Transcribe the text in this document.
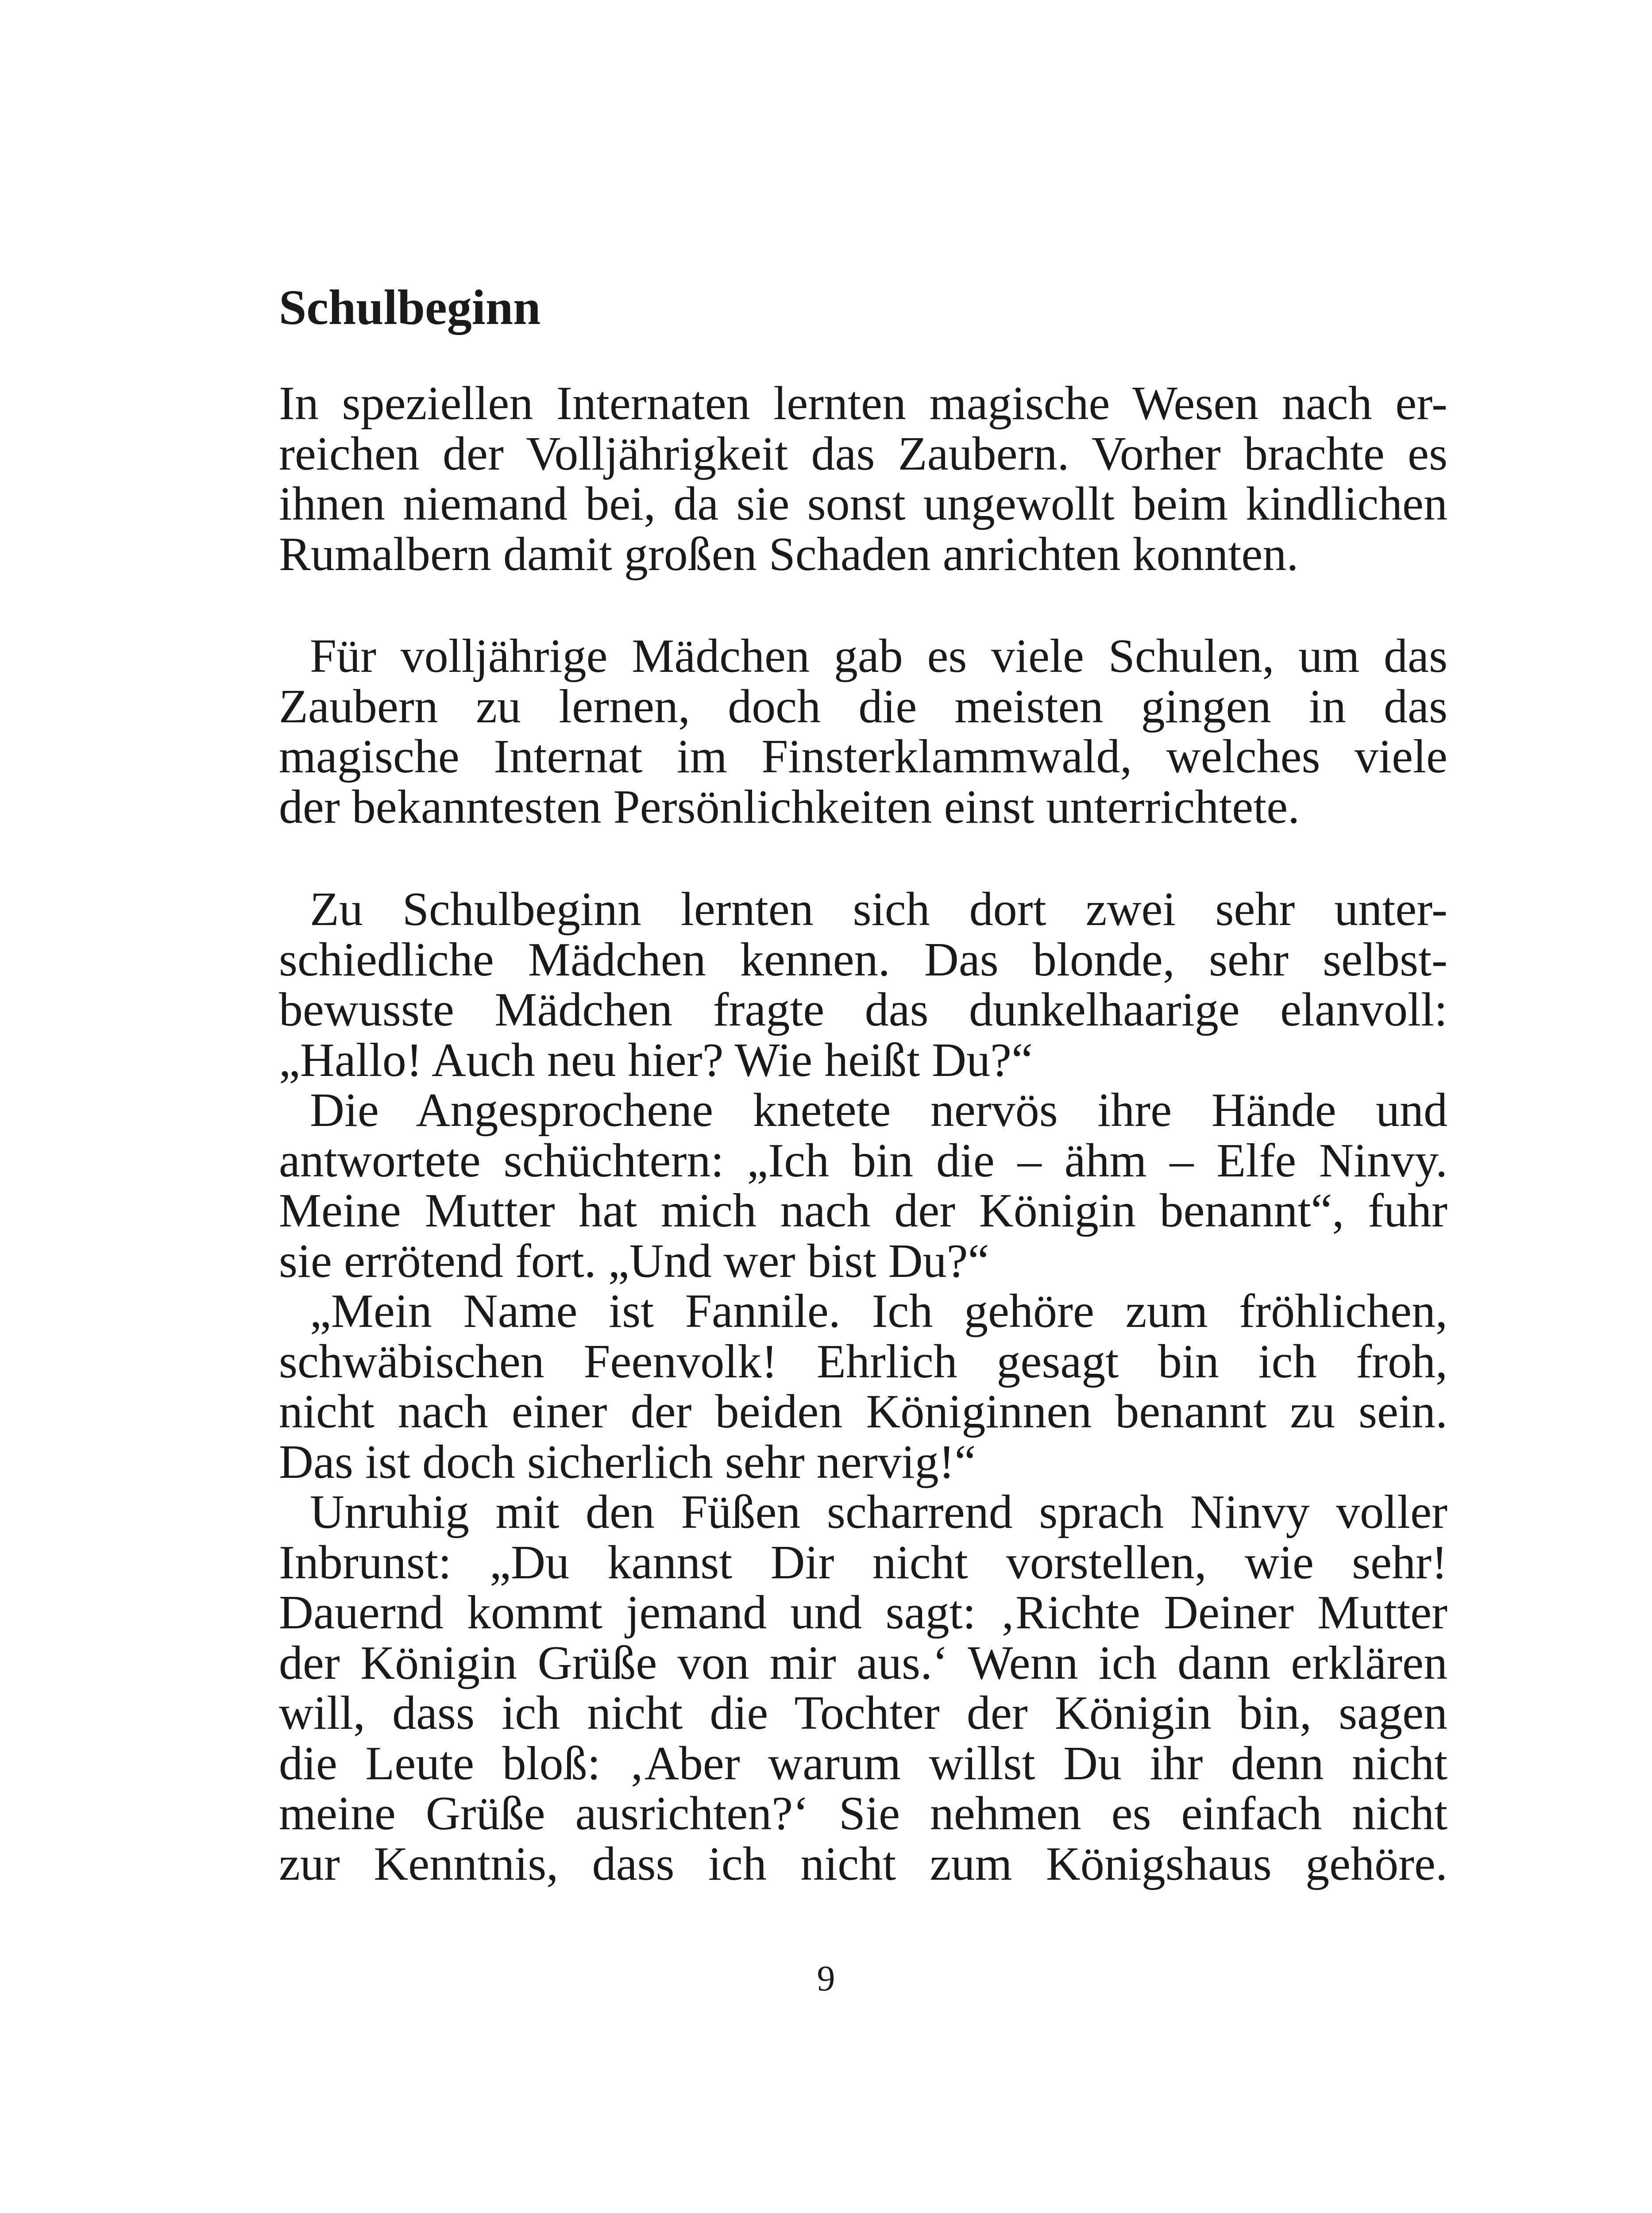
Schulbeginn

In speziellen Internaten lernten magische Wesen nach er-
reichen der Volljährigkeit das Zaubern. Vorher brachte es
ihnen niemand bei, da sie sonst ungewollt beim kindlichen
Rumalbern damit großen Schaden anrichten konnten.

Für volljährige Mädchen gab es viele Schulen, um das
Zaubern zu lernen, doch die meisten gingen in das
magische Internat im Finsterklammwald, welches viele
der bekanntesten Persönlichkeiten einst unterrichtete.

Zu Schulbeginn lernten sich dort zwei sehr unter-
schiedliche Mädchen kennen. Das blonde, sehr selbst-
bewusste Mädchen fragte das dunkelhaarige elanvoll:
„Hallo! Auch neu hier? Wie heißt Du?“

Die Angesprochene knetete nervös ihre Hände und
antwortete schüchtern: „Ich bin die – ähm – Elfe Ninvy.
Meine Mutter hat mich nach der Königin benannt“, fuhr
sie errötend fort. „Und wer bist Du?“

„Mein Name ist Fannile. Ich gehöre zum fröhlichen,
schwäbischen Feenvolk! Ehrlich gesagt bin ich froh,
nicht nach einer der beiden Königinnen benannt zu sein.
Das ist doch sicherlich sehr nervig!“

Unruhig mit den Füßen scharrend sprach Ninvy voller
Inbrunst: „Du kannst Dir nicht vorstellen, wie sehr!
Dauernd kommt jemand und sagt: ‚Richte Deiner Mutter
der Königin Grüße von mir aus.‘ Wenn ich dann erklären
will, dass ich nicht die Tochter der Königin bin, sagen
die Leute bloß: ‚Aber warum willst Du ihr denn nicht
meine Grüße ausrichten?‘ Sie nehmen es einfach nicht
zur Kenntnis, dass ich nicht zum Königshaus gehöre.

9
